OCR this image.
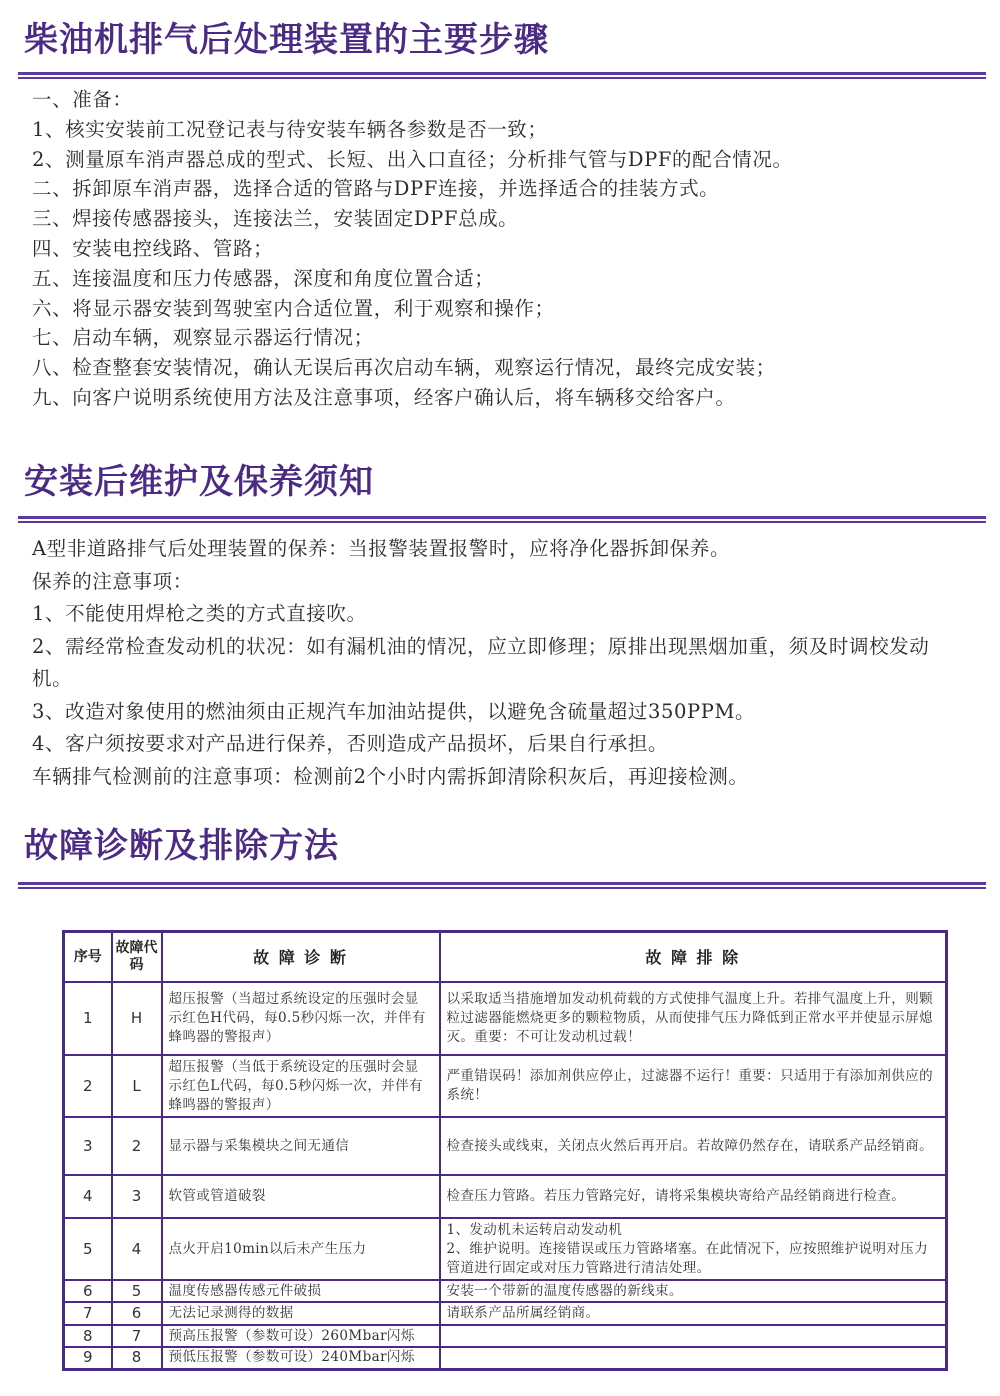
柴油机排气后处理装置的主要步骤
一、准备：
1、核实安装前工况登记表与待安装车辆各参数是否一致；
2、测量原车消声器总成的型式、长短、出入口直径；分析排气管与DPF的配合情况。
二、拆卸原车消声器，选择合适的管路与DPF连接，并选择适合的挂装方式。
三、焊接传感器接头，连接法兰，安装固定DPF总成。
四、安装电控线路、管路；
五、连接温度和压力传感器，深度和角度位置合适；
六、将显示器安装到驾驶室内合适位置，利于观察和操作；
七、启动车辆，观察显示器运行情况；
八、检查整套安装情况，确认无误后再次启动车辆，观察运行情况，最终完成安装；
九、向客户说明系统使用方法及注意事项，经客户确认后，将车辆移交给客户。
安装后维护及保养须知
A型非道路排气后处理装置的保养：当报警装置报警时，应将净化器拆卸保养。
保养的注意事项：
1、不能使用焊枪之类的方式直接吹。
2、需经常检查发动机的状况：如有漏机油的情况，应立即修理；原排出现黑烟加重，须及时调校发动机。
3、改造对象使用的燃油须由正规汽车加油站提供，以避免含硫量超过350PPM。
4、客户须按要求对产品进行保养，否则造成产品损坏，后果自行承担。
车辆排气检测前的注意事项：检测前2个小时内需拆卸清除积灰后，再迎接检测。
故障诊断及排除方法
序号	故障代码	故 障 诊 断	故 障 排 除
1	H	超压报警（当超过系统设定的压强时会显示红色H代码，每0.5秒闪烁一次，并伴有蜂鸣器的警报声）	以采取适当措施增加发动机荷载的方式使排气温度上升。若排气温度上升，则颗粒过滤器能燃烧更多的颗粒物质，从而使排气压力降低到正常水平并使显示屏熄灭。重要：不可让发动机过载！
2	L	超压报警（当低于系统设定的压强时会显示红色L代码，每0.5秒闪烁一次，并伴有蜂鸣器的警报声）	严重错误码！添加剂供应停止，过滤器不运行！重要：只适用于有添加剂供应的系统！
3	2	显示器与采集模块之间无通信	检查接头或线束，关闭点火然后再开启。若故障仍然存在，请联系产品经销商。
4	3	软管或管道破裂	检查压力管路。若压力管路完好，请将采集模块寄给产品经销商进行检查。
5	4	点火开启10min以后未产生压力	1、发动机未运转启动发动机
2、维护说明。连接错误或压力管路堵塞。在此情况下，应按照维护说明对压力管道进行固定或对压力管路进行清洁处理。
6	5	温度传感器传感元件破损	安装一个带新的温度传感器的新线束。
7	6	无法记录测得的数据	请联系产品所属经销商。
8	7	预高压报警（参数可设）260Mbar闪烁	
9	8	预低压报警（参数可设）240Mbar闪烁	
